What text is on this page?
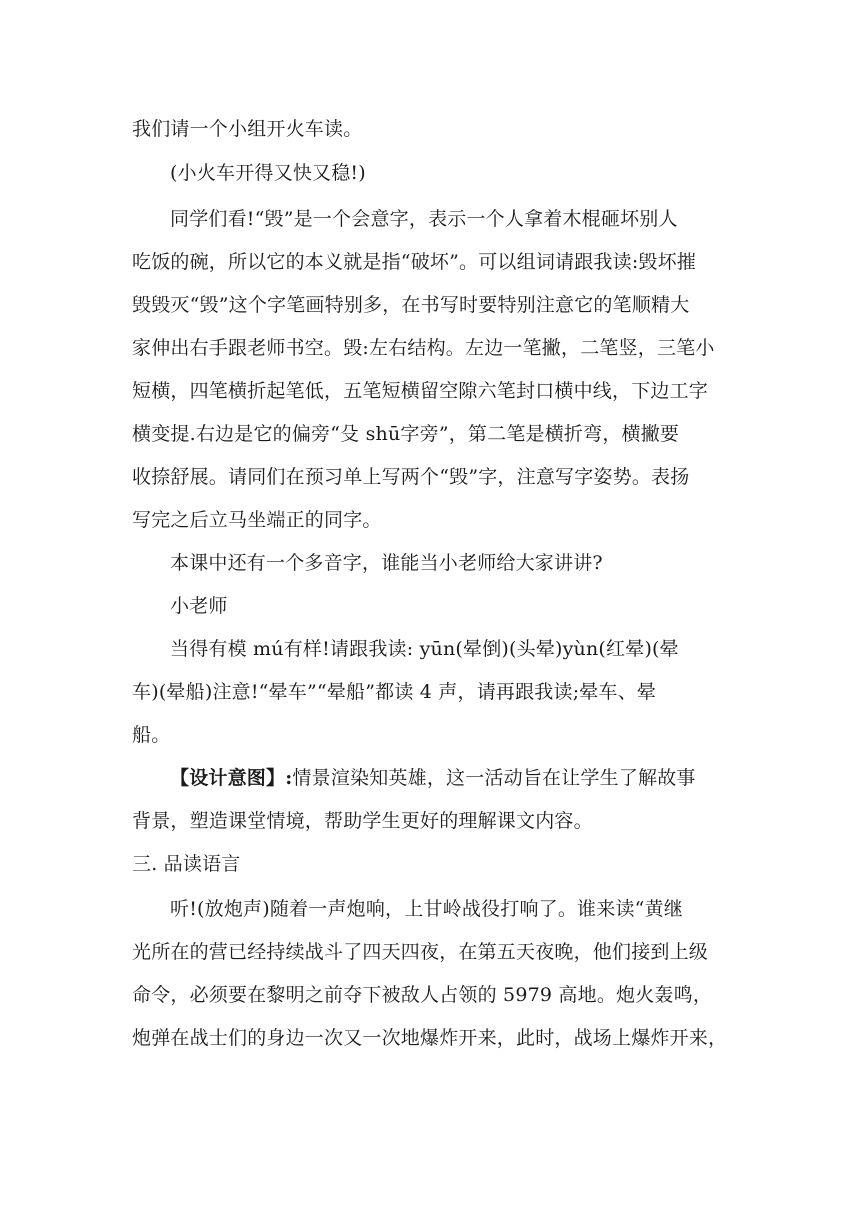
我们请一个小组开火车读。
(小火车开得又快又稳!)
同学们看!“毁”是一个会意字，表示一个人拿着木棍砸坏别人
吃饭的碗，所以它的本义就是指“破坏”。可以组词请跟我读:毁坏摧
毁毁灭“毁”这个字笔画特别多，在书写时要特别注意它的笔顺精大
家伸出右手跟老师书空。毁:左右结构。左边一笔撇，二笔竖，三笔小
短横，四笔横折起笔低，五笔短横留空隙六笔封口横中线，下边工字
横变提.右边是它的偏旁“殳 shū字旁”，第二笔是横折弯，横撇要
收捺舒展。请同们在预习单上写两个“毁”字，注意写字姿势。表扬
写完之后立马坐端正的同字。
本课中还有一个多音字，谁能当小老师给大家讲讲?
小老师
当得有模 mú有样!请跟我读: yūn(晕倒)(头晕)yùn(红晕)(晕
车)(晕船)注意!“晕车”“晕船”都读 4 声，请再跟我读;晕车、晕
船。
【设计意图】:情景渲染知英雄，这一活动旨在让学生了解故事
背景，塑造课堂情境，帮助学生更好的理解课文内容。
三. 品读语言
听!(放炮声)随着一声炮响，上甘岭战役打响了。谁来读“黄继
光所在的营已经持续战斗了四天四夜，在第五天夜晚，他们接到上级
命令，必须要在黎明之前夺下被敌人占领的 5979 高地。炮火轰鸣，
炮弹在战士们的身边一次又一次地爆炸开来，此时，战场上爆炸开来，
